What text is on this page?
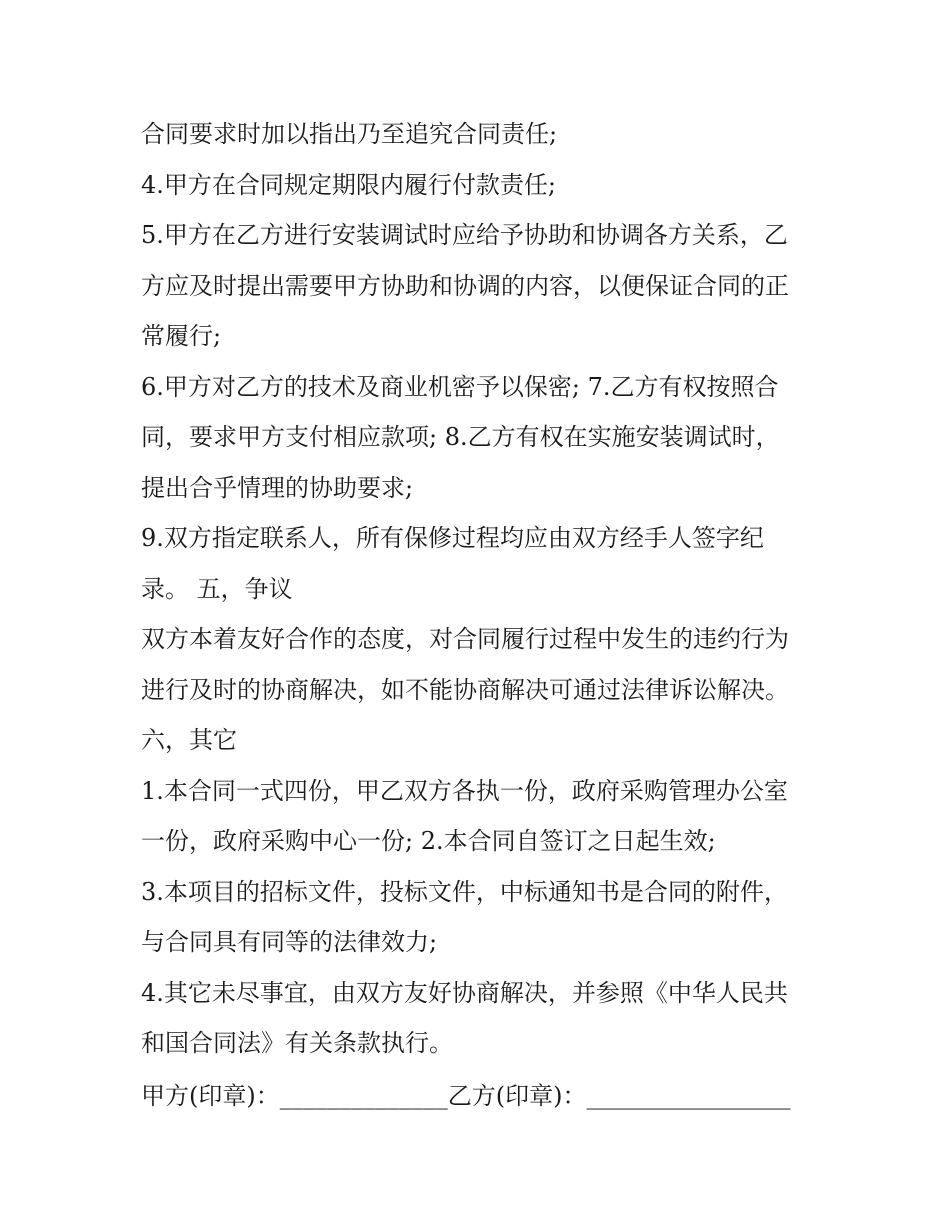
合同要求时加以指出乃至追究合同责任;
4.甲方在合同规定期限内履行付款责任;
5.甲方在乙方进行安装调试时应给予协助和协调各方关系，乙
方应及时提出需要甲方协助和协调的内容，以便保证合同的正
常履行;
6.甲方对乙方的技术及商业机密予以保密; 7.乙方有权按照合
同，要求甲方支付相应款项; 8.乙方有权在实施安装调试时，
提出合乎情理的协助要求;
9.双方指定联系人，所有保修过程均应由双方经手人签字纪
录。 五，争议
双方本着友好合作的态度，对合同履行过程中发生的违约行为
进行及时的协商解决，如不能协商解决可通过法律诉讼解决。
六，其它
1.本合同一式四份，甲乙双方各执一份，政府采购管理办公室
一份，政府采购中心一份; 2.本合同自签订之日起生效;
3.本项目的招标文件，投标文件，中标通知书是合同的附件，
与合同具有同等的法律效力;
4.其它未尽事宜，由双方友好协商解决，并参照《中华人民共
和国合同法》有关条款执行。
甲方(印章)：______________乙方(印章)：_________________
